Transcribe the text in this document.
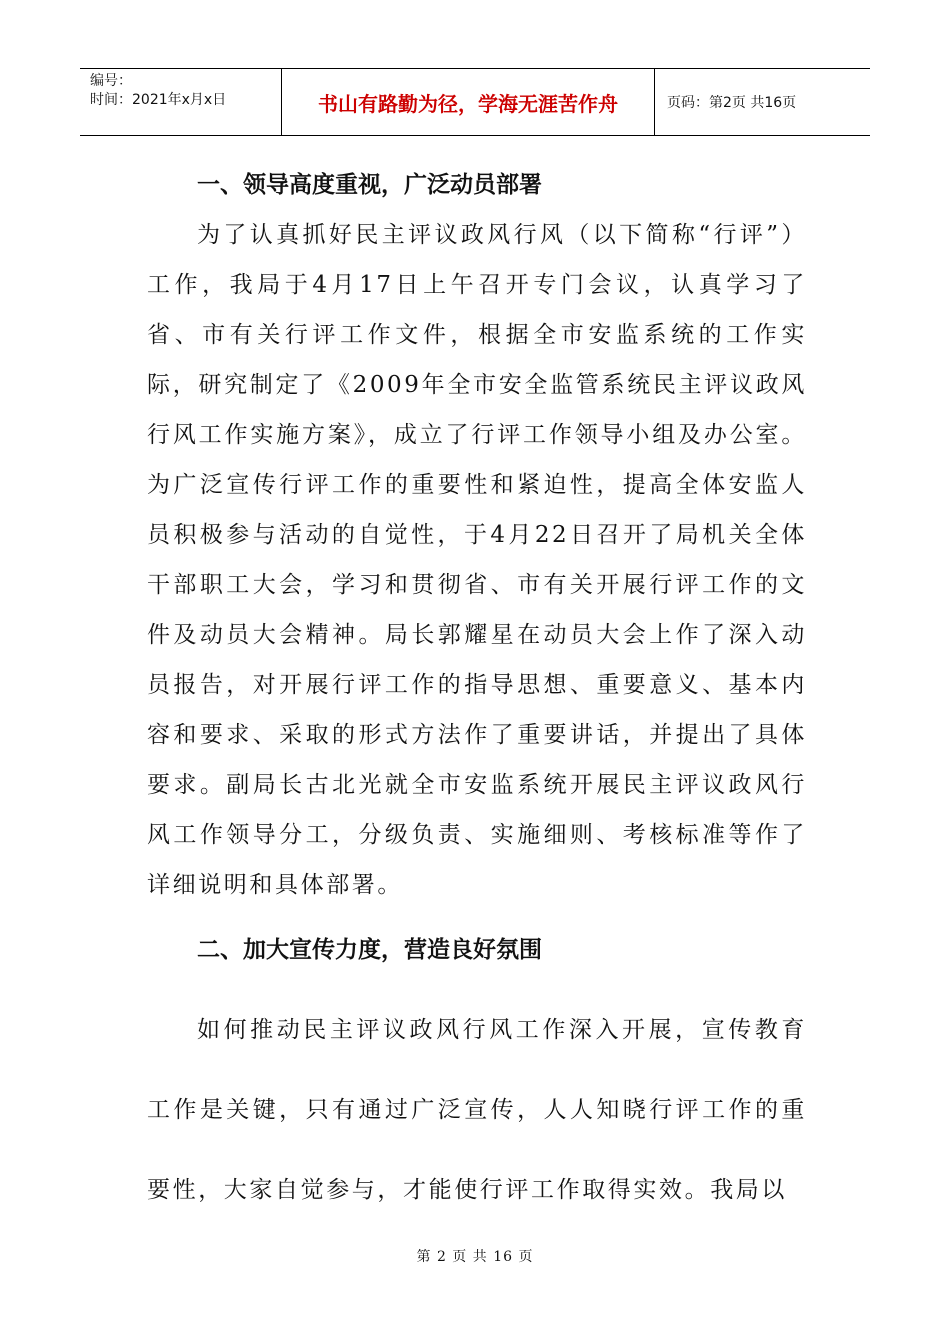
编号：
时间：2021年x月x日	书山有路勤为径，学海无涯苦作舟	页码：第2页 共16页
一、领导高度重视，广泛动员部署

为了认真抓好民主评议政风行风（以下简称“行评”）工作，我局于4月17日上午召开专门会议，认真学习了省、市有关行评工作文件，根据全市安监系统的工作实际，研究制定了《2009年全市安全监管系统民主评议政风行风工作实施方案》，成立了行评工作领导小组及办公室。为广泛宣传行评工作的重要性和紧迫性，提高全体安监人员积极参与活动的自觉性，于4月22日召开了局机关全体干部职工大会，学习和贯彻省、市有关开展行评工作的文件及动员大会精神。局长郭耀星在动员大会上作了深入动员报告，对开展行评工作的指导思想、重要意义、基本内容和要求、采取的形式方法作了重要讲话，并提出了具体要求。副局长古北光就全市安监系统开展民主评议政风行风工作领导分工，分级负责、实施细则、考核标准等作了详细说明和具体部署。

二、加大宣传力度，营造良好氛围

如何推动民主评议政风行风工作深入开展，宣传教育工作是关键，只有通过广泛宣传，人人知晓行评工作的重要性，大家自觉参与，才能使行评工作取得实效。我局以

第 2 页 共 16 页
